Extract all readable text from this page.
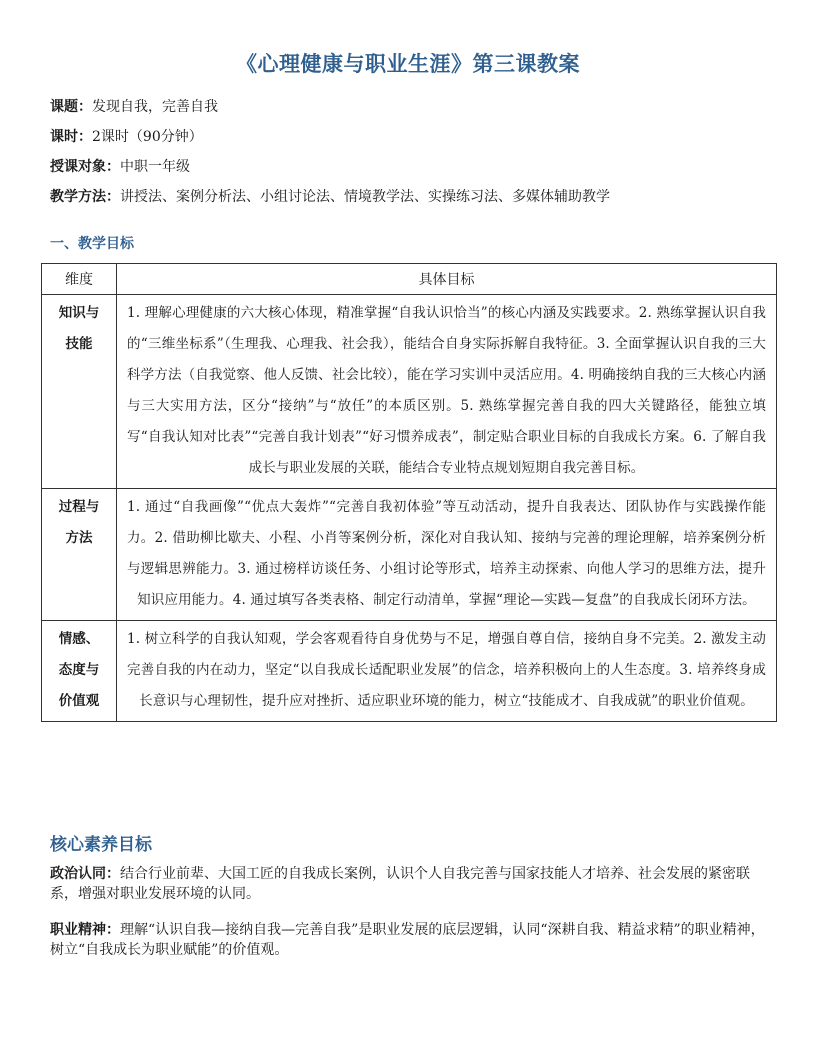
《心理健康与职业生涯》第三课教案
课题：发现自我，完善自我
课时：2课时（90分钟）
授课对象：中职一年级
教学方法：讲授法、案例分析法、小组讨论法、情境教学法、实操练习法、多媒体辅助教学
一、教学目标
维度	具体目标

知识与技能	1. 理解心理健康的六大核心体现，精准掌握“自我认识恰当”的核心内涵及实践要求。2. 熟练掌握认识自我的“三维坐标系”（生理我、心理我、社会我），能结合自身实际拆解自我特征。3. 全面掌握认识自我的三大科学方法（自我觉察、他人反馈、社会比较），能在学习实训中灵活应用。4. 明确接纳自我的三大核心内涵与三大实用方法，区分“接纳”与“放任”的本质区别。5. 熟练掌握完善自我的四大关键路径，能独立填写“自我认知对比表”“完善自我计划表”“好习惯养成表”，制定贴合职业目标的自我成长方案。6. 了解自我成长与职业发展的关联，能结合专业特点规划短期自我完善目标。

过程与方法	1. 通过“自我画像”“优点大轰炸”“完善自我初体验”等互动活动，提升自我表达、团队协作与实践操作能力。2. 借助柳比歇夫、小程、小肖等案例分析，深化对自我认知、接纳与完善的理论理解，培养案例分析与逻辑思辨能力。3. 通过榜样访谈任务、小组讨论等形式，培养主动探索、向他人学习的思维方法，提升知识应用能力。4. 通过填写各类表格、制定行动清单，掌握“理论—实践—复盘”的自我成长闭环方法。

情感、态度与价值观	1. 树立科学的自我认知观，学会客观看待自身优势与不足，增强自尊自信，接纳自身不完美。2. 激发主动完善自我的内在动力，坚定“以自我成长适配职业发展”的信念，培养积极向上的人生态度。3. 培养终身成长意识与心理韧性，提升应对挫折、适应职业环境的能力，树立“技能成才、自我成就”的职业价值观。
核心素养目标
政治认同：结合行业前辈、大国工匠的自我成长案例，认识个人自我完善与国家技能人才培养、社会发展的紧密联系，增强对职业发展环境的认同。
职业精神：理解“认识自我—接纳自我—完善自我”是职业发展的底层逻辑，认同“深耕自我、精益求精”的职业精神，树立“自我成长为职业赋能”的价值观。
